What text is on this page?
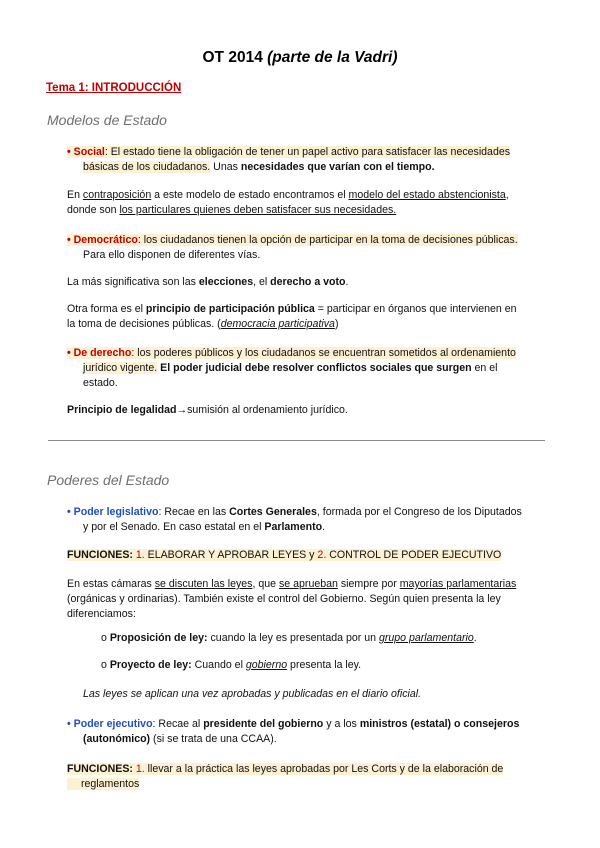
OT 2014 (parte de la Vadri)
Tema 1: INTRODUCCIÓN
Modelos de Estado
• Social: El estado tiene la obligación de tener un papel activo para satisfacer las necesidades
básicas de los ciudadanos. Unas necesidades que varían con el tiempo.
En contraposición a este modelo de estado encontramos el modelo del estado abstencionista,
donde son los particulares quienes deben satisfacer sus necesidades.
• Democrático: los ciudadanos tienen la opción de participar en la toma de decisiones públicas.
Para ello disponen de diferentes vías.
La más significativa son las elecciones, el derecho a voto.
Otra forma es el principio de participación pública = participar en órganos que intervienen en
la toma de decisiones públicas. (democracia participativa)
• De derecho: los poderes públicos y los ciudadanos se encuentran sometidos al ordenamiento
jurídico vigente. El poder judicial debe resolver conflictos sociales que surgen en el
estado.
Principio de legalidad→sumisión al ordenamiento jurídico.
Poderes del Estado
• Poder legislativo: Recae en las Cortes Generales, formada por el Congreso de los Diputados
y por el Senado. En caso estatal en el Parlamento.
FUNCIONES: 1. ELABORAR Y APROBAR LEYES y 2. CONTROL DE PODER EJECUTIVO
En estas cámaras se discuten las leyes, que se aprueban siempre por mayorías parlamentarias
(orgánicas y ordinarias). También existe el control del Gobierno. Según quien presenta la ley
diferenciamos:
o Proposición de ley: cuando la ley es presentada por un grupo parlamentario.
o Proyecto de ley: Cuando el gobierno presenta la ley.
Las leyes se aplican una vez aprobadas y publicadas en el diario oficial.
• Poder ejecutivo: Recae al presidente del gobierno y a los ministros (estatal) o consejeros
(autonómico) (si se trata de una CCAA).
FUNCIONES: 1. llevar a la práctica las leyes aprobadas por Les Corts y de la elaboración de
reglamentos
